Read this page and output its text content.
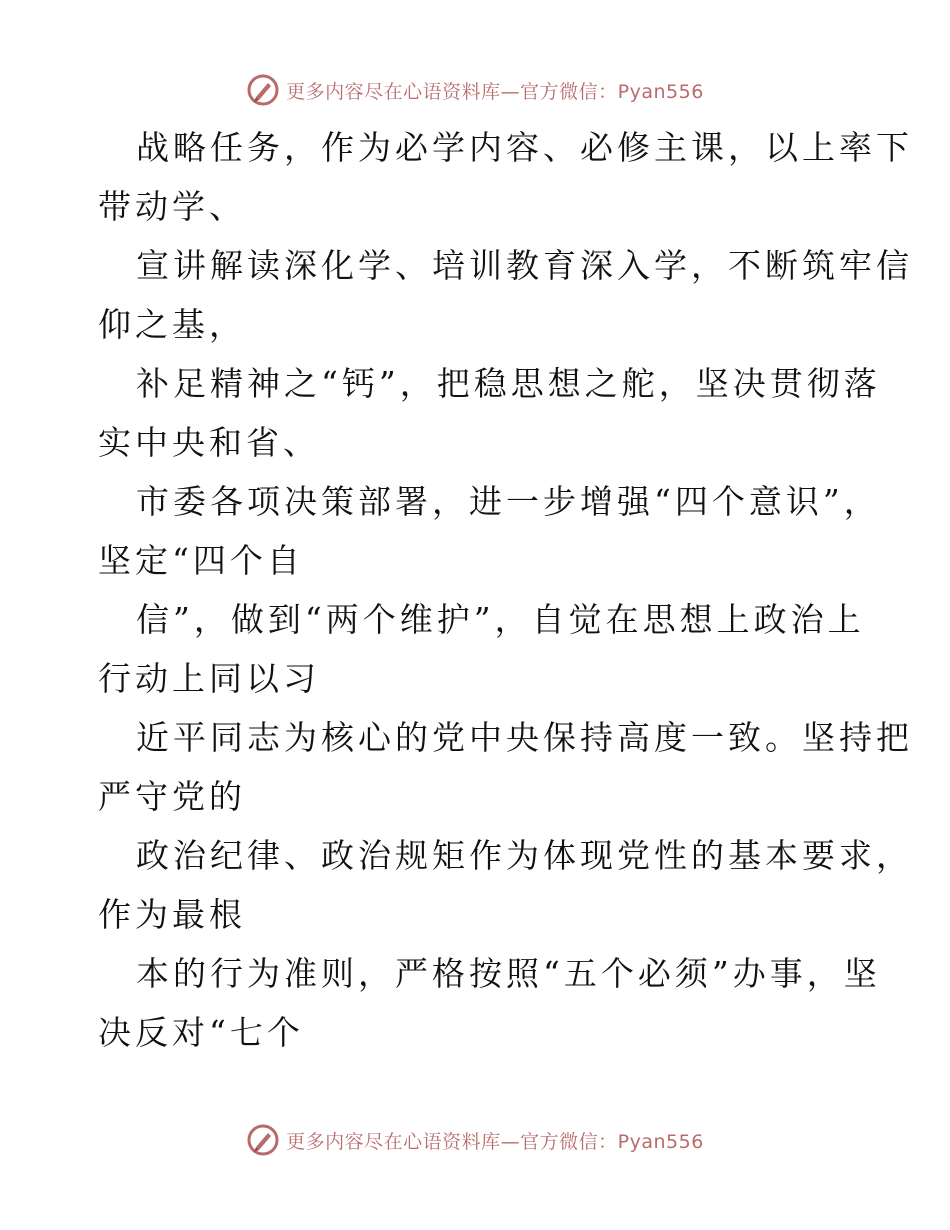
更多内容尽在心语资料库—官方微信：Pyan556
战略任务，作为必学内容、必修主课，以上率下
带动学、
宣讲解读深化学、培训教育深入学，不断筑牢信
仰之基，
补足精神之“钙”，把稳思想之舵，坚决贯彻落
实中央和省、
市委各项决策部署，进一步增强“四个意识”，
坚定“四个自
信”，做到“两个维护”，自觉在思想上政治上
行动上同以习
近平同志为核心的党中央保持高度一致。坚持把
严守党的
政治纪律、政治规矩作为体现党性的基本要求，
作为最根
本的行为准则，严格按照“五个必须”办事，坚
决反对“七个
更多内容尽在心语资料库—官方微信：Pyan556
